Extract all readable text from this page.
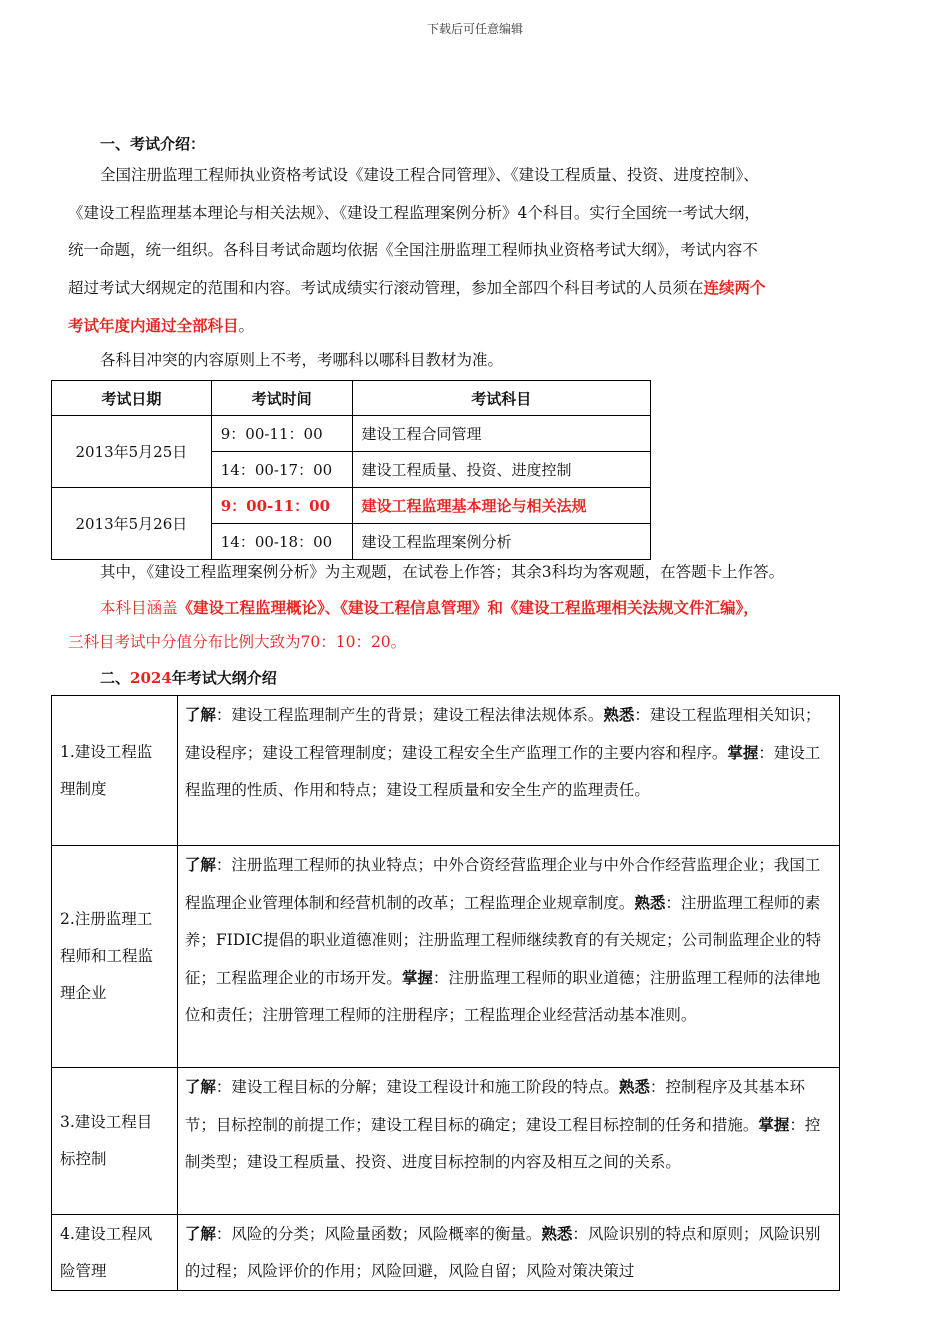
下载后可任意编辑
一、考试介绍：
全国注册监理工程师执业资格考试设《建设工程合同管理》、《建设工程质量、投资、进度控制》、
《建设工程监理基本理论与相关法规》、《建设工程监理案例分析》4个科目。实行全国统一考试大纲，
统一命题，统一组织。各科目考试命题均依据《全国注册监理工程师执业资格考试大纲》，考试内容不
超过考试大纲规定的范围和内容。考试成绩实行滚动管理，参加全部四个科目考试的人员须在连续两个
考试年度内通过全部科目。
各科目冲突的内容原则上不考，考哪科以哪科目教材为准。
考试日期	考试时间	考试科目
2013年5月25日	9：00-11：00	建设工程合同管理
	14：00-17：00	建设工程质量、投资、进度控制
2013年5月26日	9：00-11：00	建设工程监理基本理论与相关法规
	14：00-18：00	建设工程监理案例分析
其中，《建设工程监理案例分析》为主观题，在试卷上作答；其余3科均为客观题，在答题卡上作答。
本科目涵盖《建设工程监理概论》、《建设工程信息管理》和《建设工程监理相关法规文件汇编》，
三科目考试中分值分布比例大致为70：10：20。
二、2024年考试大纲介绍
1.建设工程监
理制度	了解：建设工程监理制产生的背景；建设工程法律法规体系。熟悉：建设工程监理相关知识；建设程序；建设工程管理制度；建设工程安全生产监理工作的主要内容和程序。掌握：建设工程监理的性质、作用和特点；建设工程质量和安全生产的监理责任。

2.注册监理工
程师和工程监
理企业	了解：注册监理工程师的执业特点；中外合资经营监理企业与中外合作经营监理企业；我国工程监理企业管理体制和经营机制的改革；工程监理企业规章制度。熟悉：注册监理工程师的素养；FIDIC提倡的职业道德准则；注册监理工程师继续教育的有关规定；公司制监理企业的特征；工程监理企业的市场开发。掌握：注册监理工程师的职业道德；注册监理工程师的法律地位和责任；注册管理工程师的注册程序；工程监理企业经营活动基本准则。

3.建设工程目
标控制	了解：建设工程目标的分解；建设工程设计和施工阶段的特点。熟悉：控制程序及其基本环节；目标控制的前提工作；建设工程目标的确定；建设工程目标控制的任务和措施。掌握：控制类型；建设工程质量、投资、进度目标控制的内容及相互之间的关系。

4.建设工程风
险管理	了解：风险的分类；风险量函数；风险概率的衡量。熟悉：风险识别的特点和原则；风险识别的过程；风险评价的作用；风险回避，风险自留；风险对策决策过
